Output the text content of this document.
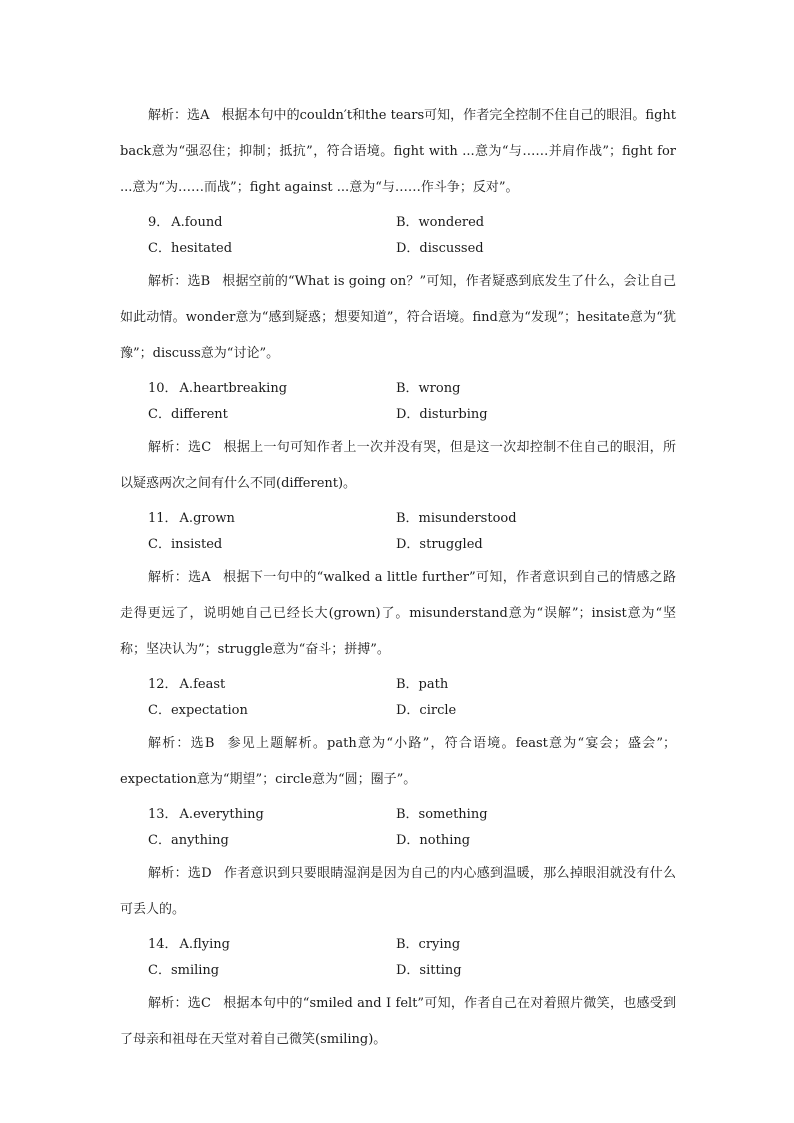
解析：选A 根据本句中的couldn′t和the tears可知，作者完全控制不住自己的眼泪。fight back意为“强忍住；抑制；抵抗”，符合语境。fight with ...意为“与……并肩作战”；fight for ...意为“为……而战”；fight against ...意为“与……作斗争；反对”。

9． A.found	B．wondered
C．hesitated	D．discussed

解析：选B 根据空前的“What is going on？”可知，作者疑惑到底发生了什么，会让自己如此动情。wonder意为“感到疑惑；想要知道”，符合语境。find意为“发现”；hesitate意为“犹豫”；discuss意为“讨论”。

10． A.heartbreaking	B．wrong
C．different	D．disturbing

解析：选C 根据上一句可知作者上一次并没有哭，但是这一次却控制不住自己的眼泪，所以疑惑两次之间有什么不同(different)。

11． A.grown	B．misunderstood
C．insisted	D．struggled

解析：选A 根据下一句中的“walked a little further”可知，作者意识到自己的情感之路走得更远了，说明她自己已经长大(grown)了。misunderstand意为“误解”；insist意为“坚称；坚决认为”；struggle意为“奋斗；拼搏”。

12． A.feast	B．path
C．expectation	D．circle

解析：选B 参见上题解析。path意为“小路”，符合语境。feast意为“宴会；盛会”；expectation意为“期望”；circle意为“圆；圈子”。

13． A.everything	B．something
C．anything	D．nothing

解析：选D 作者意识到只要眼睛湿润是因为自己的内心感到温暖，那么掉眼泪就没有什么可丢人的。

14． A.flying	B．crying
C．smiling	D．sitting

解析：选C 根据本句中的“smiled and I felt”可知，作者自己在对着照片微笑，也感受到了母亲和祖母在天堂对着自己微笑(smiling)。
